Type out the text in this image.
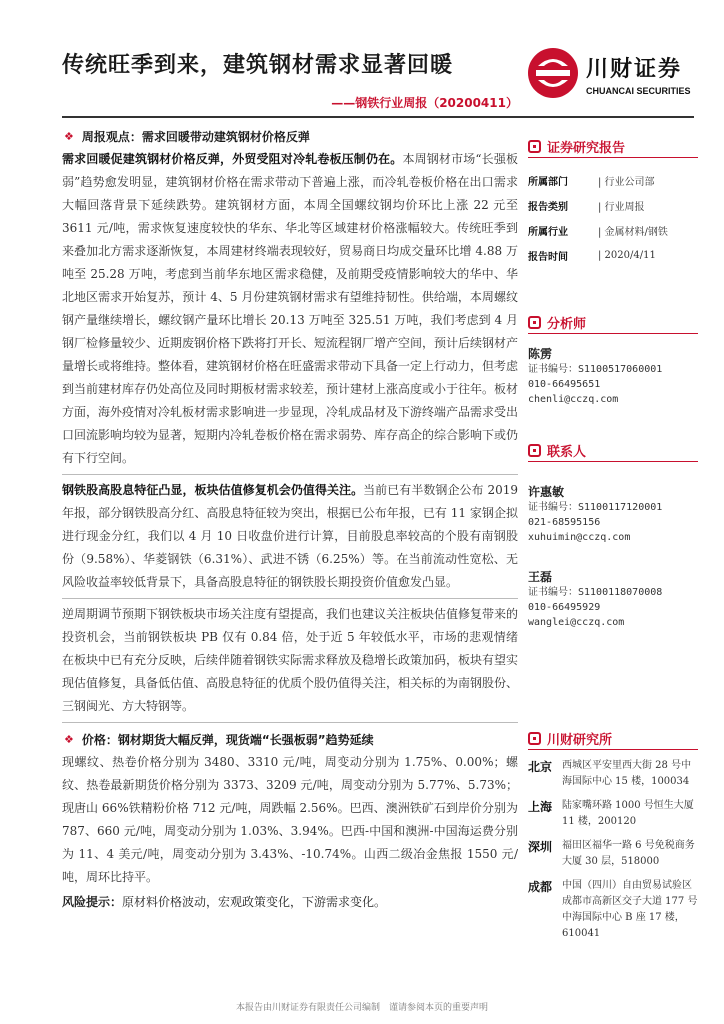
传统旺季到来，建筑钢材需求显著回暖
——钢铁行业周报（20200411）
川财证券
CHUANCAI SECURITIES
❖ 周报观点：需求回暖带动建筑钢材价格反弹

需求回暖促建筑钢材价格反弹，外贸受阻对冷轧卷板压制仍在。本周钢材市场“长强板弱”趋势愈发明显，建筑钢材价格在需求带动下普遍上涨，而冷轧卷板价格在出口需求大幅回落背景下延续跌势。建筑钢材方面，本周全国螺纹钢均价环比上涨 22 元至 3611 元/吨，需求恢复速度较快的华东、华北等区域建材价格涨幅较大。传统旺季到来叠加北方需求逐渐恢复，本周建材终端表现较好，贸易商日均成交量环比增 4.88 万吨至 25.28 万吨，考虑到当前华东地区需求稳健，及前期受疫情影响较大的华中、华北地区需求开始复苏，预计 4、5 月份建筑钢材需求有望维持韧性。供给端，本周螺纹钢产量继续增长，螺纹钢产量环比增长 20.13 万吨至 325.51 万吨，我们考虑到 4 月钢厂检修量较少、近期废钢价格下跌将打开长、短流程钢厂增产空间，预计后续钢材产量增长或将维持。整体看，建筑钢材价格在旺盛需求带动下具备一定上行动力，但考虑到当前建材库存仍处高位及同时期板材需求较差，预计建材上涨高度或小于往年。板材方面，海外疫情对冷轧板材需求影响进一步显现，冷轧成品材及下游终端产品需求受出口回流影响均较为显著，短期内冷轧卷板价格在需求弱势、库存高企的综合影响下或仍有下行空间。

钢铁股高股息特征凸显，板块估值修复机会仍值得关注。当前已有半数钢企公布 2019 年报，部分钢铁股高分红、高股息特征较为突出，根据已公布年报，已有 11 家钢企拟进行现金分红，我们以 4 月 10 日收盘价进行计算，目前股息率较高的个股有南钢股份（9.58%）、华菱钢铁（6.31%）、武进不锈（6.25%）等。在当前流动性宽松、无风险收益率较低背景下，具备高股息特征的钢铁股长期投资价值愈发凸显。

逆周期调节预期下钢铁板块市场关注度有望提高，我们也建议关注板块估值修复带来的投资机会，当前钢铁板块 PB 仅有 0.84 倍，处于近 5 年较低水平，市场的悲观情绪在板块中已有充分反映，后续伴随着钢铁实际需求释放及稳增长政策加码，板块有望实现估值修复，具备低估值、高股息特征的优质个股仍值得关注，相关标的为南钢股份、三钢闽光、方大特钢等。

❖ 价格：钢材期货大幅反弹，现货端“长强板弱”趋势延续

现螺纹、热卷价格分别为 3480、3310 元/吨，周变动分别为 1.75%、0.00%；螺纹、热卷最新期货价格分别为 3373、3209 元/吨，周变动分别为 5.77%、5.73%；现唐山 66%铁精粉价格 712 元/吨，周跌幅 2.56%。巴西、澳洲铁矿石到岸价分别为 787、660 元/吨，周变动分别为 1.03%、3.94%。巴西-中国和澳洲-中国海运费分别为 11、4 美元/吨，周变动分别为 3.43%、-10.74%。山西二级冶金焦报 1550 元/吨，周环比持平。

风险提示：原材料价格波动，宏观政策变化，下游需求变化。

证券研究报告
所属部门	| 行业公司部
报告类别	| 行业周报
所属行业	| 金属材料/钢铁
报告时间	| 2020/4/11
分析师
陈雳
证书编号：S1100517060001
010-66495651
chenli@cczq.com
联系人
许惠敏
证书编号：S1100117120001
021-68595156
xuhuimin@cczq.com
王磊
证书编号：S1100118070008
010-66495929
wanglei@cczq.com
川财研究所
北京 西城区平安里西大街 28 号中海国际中心 15 楼，100034
上海 陆家嘴环路 1000 号恒生大厦 11 楼，200120
深圳 福田区福华一路 6 号免税商务大厦 30 层，518000
成都 中国（四川）自由贸易试验区成都市高新区交子大道 177 号中海国际中心 B 座 17 楼，610041
本报告由川财证券有限责任公司编制　谨请参阅本页的重要声明
